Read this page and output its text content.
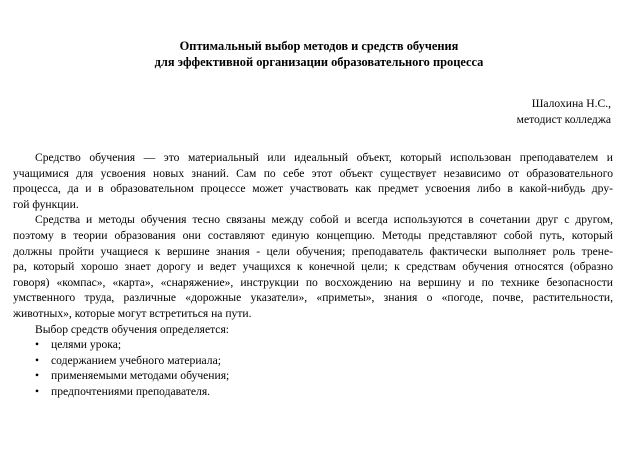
Оптимальный выбор методов и средств обучения
для эффективной организации образовательного процесса
Шалохина Н.С.,
методист колледжа

Средство обучения — это материальный или идеальный объект, который использован преподавателем и
учащимися для усвоения новых знаний. Сам по себе этот объект существует независимо от образовательного
процесса, да и в образовательном процессе может участвовать как предмет усвоения либо в какой-нибудь дру-
гой функции.

Средства и методы обучения тесно связаны между собой и всегда используются в сочетании друг с другом,
поэтому в теории образования они составляют единую концепцию. Методы представляют собой путь, который
должны пройти учащиеся к вершине знания - цели обучения; преподаватель фактически выполняет роль трене-
ра, который хорошо знает дорогу и ведет учащихся к конечной цели; к средствам обучения относятся (образно
говоря) «компас», «карта», «снаряжение», инструкции по восхождению на вершину и по технике безопасности
умственного труда, различные «дорожные указатели», «приметы», знания о «погоде, почве, растительности,
животных», которые могут встретиться на пути.

Выбор средств обучения определяется:

•	целями урока;
•	содержанием учебного материала;
•	применяемыми методами обучения;
•	предпочтениями преподавателя.
